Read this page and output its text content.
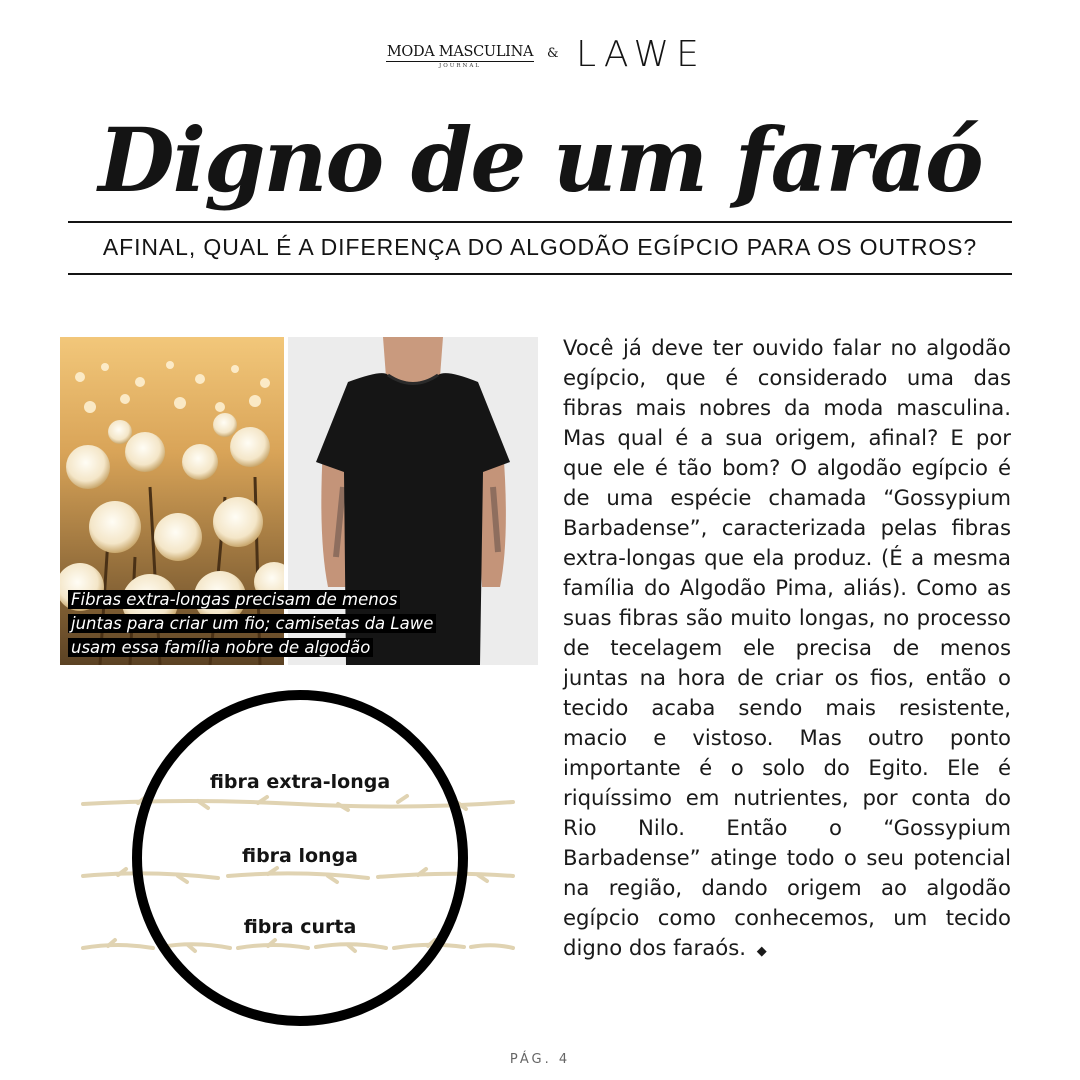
MODA MASCULINA
JOURNAL
& LAWE
Digno de um faraó
AFINAL, QUAL É A DIFERENÇA DO ALGODÃO EGÍPCIO PARA OS OUTROS?
Fibras extra-longas precisam de menos
juntas para criar um fio; camisetas da Lawe
usam essa família nobre de algodão
fibra extra-longa
fibra longa
fibra curta
Você já deve ter ouvido falar no algodão egípcio, que é considerado uma das fibras mais nobres da moda masculina. Mas qual é a sua origem, afinal? E por que ele é tão bom? O algodão egípcio é de uma espécie chamada “Gossypium Barbadense”, caracterizada pelas fibras extra-longas que ela produz. (É a mesma família do Algodão Pima, aliás). Como as suas fibras são muito longas, no processo de tecelagem ele precisa de menos juntas na hora de criar os fios, então o tecido acaba sendo mais resistente, macio e vistoso. Mas outro ponto importante é o solo do Egito. Ele é riquíssimo em nutrientes, por conta do Rio Nilo. Então o “Gossypium Barbadense” atinge todo o seu potencial na região, dando origem ao algodão egípcio como conhecemos, um tecido digno dos faraós. ◆
PÁG. 4
